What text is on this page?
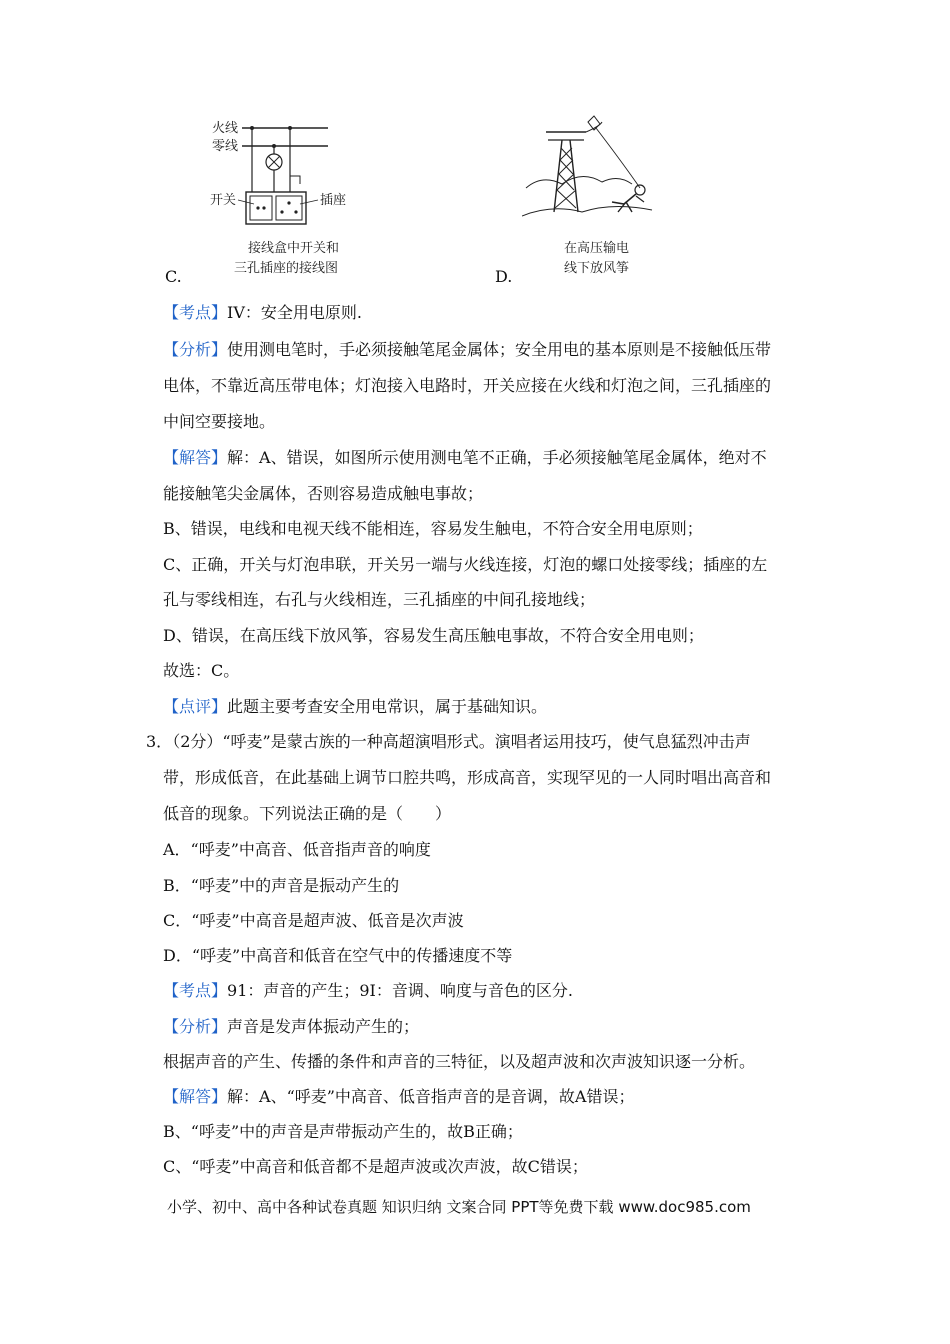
C.
火线
零线
开关	插座
接线盒中开关和
三孔插座的接线图	D.
在高压输电
线下放风筝
【考点】IV：安全用电原则.
【分析】使用测电笔时，手必须接触笔尾金属体；安全用电的基本原则是不接触低压带
电体，不靠近高压带电体；灯泡接入电路时，开关应接在火线和灯泡之间，三孔插座的
中间空要接地。
【解答】解：A、错误，如图所示使用测电笔不正确，手必须接触笔尾金属体，绝对不
能接触笔尖金属体，否则容易造成触电事故；
B、错误，电线和电视天线不能相连，容易发生触电，不符合安全用电原则；
C、正确，开关与灯泡串联，开关另一端与火线连接，灯泡的螺口处接零线；插座的左
孔与零线相连，右孔与火线相连，三孔插座的中间孔接地线；
D、错误，在高压线下放风筝，容易发生高压触电事故，不符合安全用电则；
故选：C。
【点评】此题主要考查安全用电常识，属于基础知识。
3．（2分）“呼麦”是蒙古族的一种高超演唱形式。演唱者运用技巧，使气息猛烈冲击声
带，形成低音，在此基础上调节口腔共鸣，形成高音，实现罕见的一人同时唱出高音和
低音的现象。下列说法正确的是（　　）
A．“呼麦”中高音、低音指声音的响度
B．“呼麦”中的声音是振动产生的
C．“呼麦”中高音是超声波、低音是次声波
D．“呼麦”中高音和低音在空气中的传播速度不等
【考点】91：声音的产生；9I：音调、响度与音色的区分.
【分析】声音是发声体振动产生的；
根据声音的产生、传播的条件和声音的三特征，以及超声波和次声波知识逐一分析。
【解答】解：A、“呼麦”中高音、低音指声音的是音调，故A错误；
B、“呼麦”中的声音是声带振动产生的，故B正确；
C、“呼麦”中高音和低音都不是超声波或次声波，故C错误；
小学、初中、高中各种试卷真题 知识归纳 文案合同 PPT等免费下载 www.doc985.com
